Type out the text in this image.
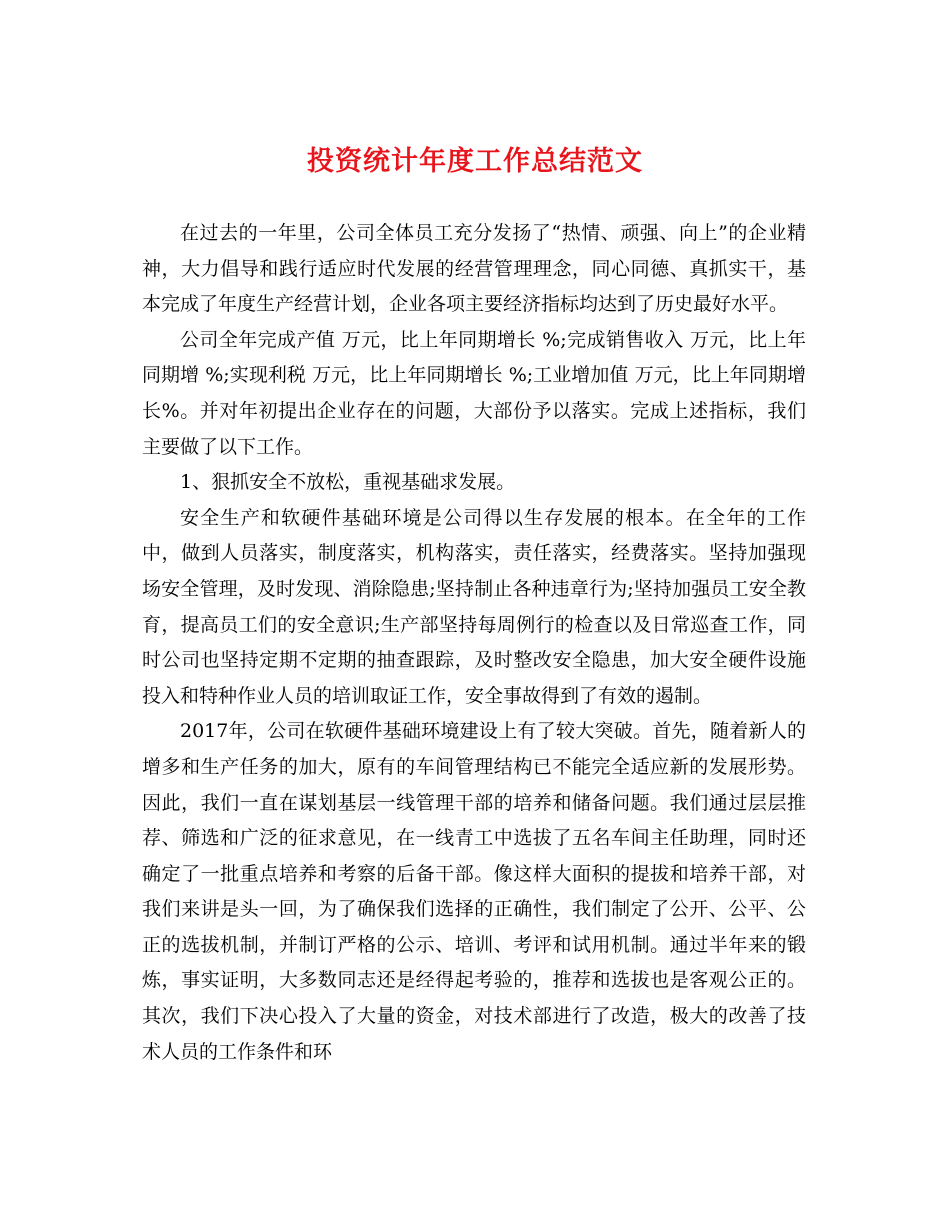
投资统计年度工作总结范文

在过去的一年里，公司全体员工充分发扬了“热情、顽强、向上”的企业精神，大力倡导和践行适应时代发展的经营管理理念，同心同德、真抓实干，基本完成了年度生产经营计划，企业各项主要经济指标均达到了历史最好水平。

公司全年完成产值 万元，比上年同期增长 %;完成销售收入 万元，比上年同期增 %;实现利税 万元，比上年同期增长 %;工业增加值 万元，比上年同期增长%。并对年初提出企业存在的问题，大部份予以落实。完成上述指标，我们主要做了以下工作。

1、狠抓安全不放松，重视基础求发展。

安全生产和软硬件基础环境是公司得以生存发展的根本。在全年的工作中，做到人员落实，制度落实，机构落实，责任落实，经费落实。坚持加强现场安全管理，及时发现、消除隐患;坚持制止各种违章行为;坚持加强员工安全教育，提高员工们的安全意识;生产部坚持每周例行的检查以及日常巡查工作，同时公司也坚持定期不定期的抽查跟踪，及时整改安全隐患，加大安全硬件设施投入和特种作业人员的培训取证工作，安全事故得到了有效的遏制。

2017年，公司在软硬件基础环境建设上有了较大突破。首先，随着新人的增多和生产任务的加大，原有的车间管理结构已不能完全适应新的发展形势。因此，我们一直在谋划基层一线管理干部的培养和储备问题。我们通过层层推荐、筛选和广泛的征求意见，在一线青工中选拔了五名车间主任助理，同时还确定了一批重点培养和考察的后备干部。像这样大面积的提拔和培养干部，对我们来讲是头一回，为了确保我们选择的正确性，我们制定了公开、公平、公正的选拔机制，并制订严格的公示、培训、考评和试用机制。通过半年来的锻炼，事实证明，大多数同志还是经得起考验的，推荐和选拔也是客观公正的。其次，我们下决心投入了大量的资金，对技术部进行了改造，极大的改善了技术人员的工作条件和环
